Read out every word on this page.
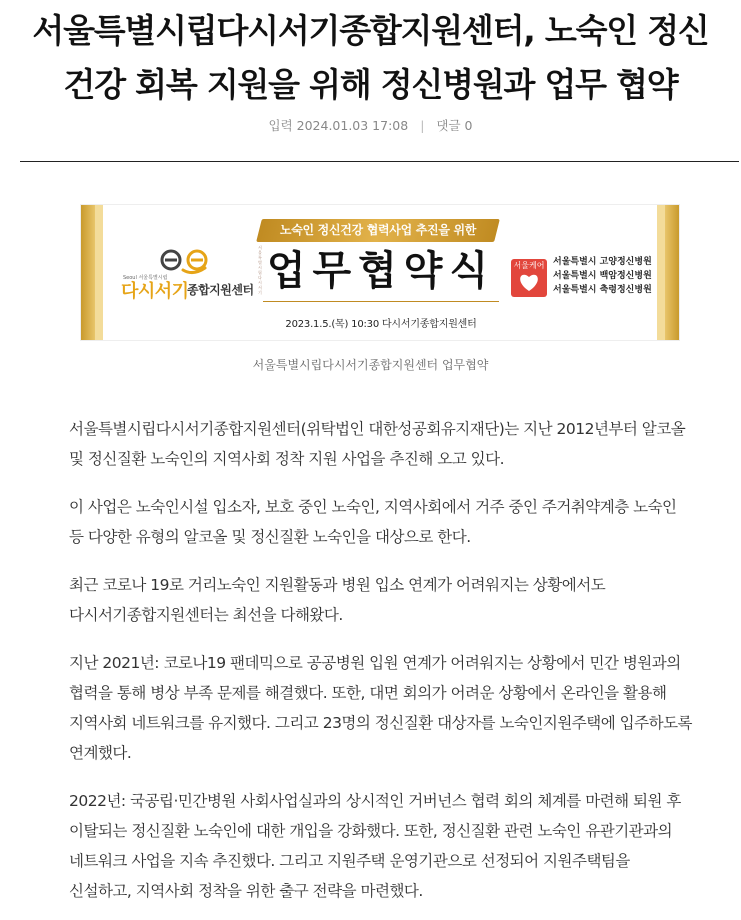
서울특별시립다시서기종합지원센터, 노숙인 정신건강 회복 지원을 위해 정신병원과 업무 협약
입력 2024.01.03 17:08 | 댓글 0
Seoul 서울특별시립
다시서기
종합지원센터
서울특별시립다시서기
노숙인 정신건강 협력사업 추진을 위한
업무협약식
2023.1.5.(목) 10:30 다시서기종합지원센터
서울케어 서울특별시 고양정신병원
서울특별시 백암정신병원
서울특별시 축령정신병원
서울특별시립다시서기종합지원센터 업무협약

서울특별시립다시서기종합지원센터(위탁법인 대한성공회유지재단)는 지난 2012년부터 알코올 및 정신질환 노숙인의 지역사회 정착 지원 사업을 추진해 오고 있다.

이 사업은 노숙인시설 입소자, 보호 중인 노숙인, 지역사회에서 거주 중인 주거취약계층 노숙인 등 다양한 유형의 알코올 및 정신질환 노숙인을 대상으로 한다.

최근 코로나 19로 거리노숙인 지원활동과 병원 입소 연계가 어려워지는 상황에서도 다시서기종합지원센터는 최선을 다해왔다.

지난 2021년: 코로나19 팬데믹으로 공공병원 입원 연계가 어려워지는 상황에서 민간 병원과의 협력을 통해 병상 부족 문제를 해결했다. 또한, 대면 회의가 어려운 상황에서 온라인을 활용해 지역사회 네트워크를 유지했다. 그리고 23명의 정신질환 대상자를 노숙인지원주택에 입주하도록 연계했다.

2022년: 국공립·민간병원 사회사업실과의 상시적인 거버넌스 협력 회의 체계를 마련해 퇴원 후 이탈되는 정신질환 노숙인에 대한 개입을 강화했다. 또한, 정신질환 관련 노숙인 유관기관과의 네트워크 사업을 지속 추진했다. 그리고 지원주택 운영기관으로 선정되어 지원주택팀을 신설하고, 지역사회 정착을 위한 출구 전략을 마련했다.
